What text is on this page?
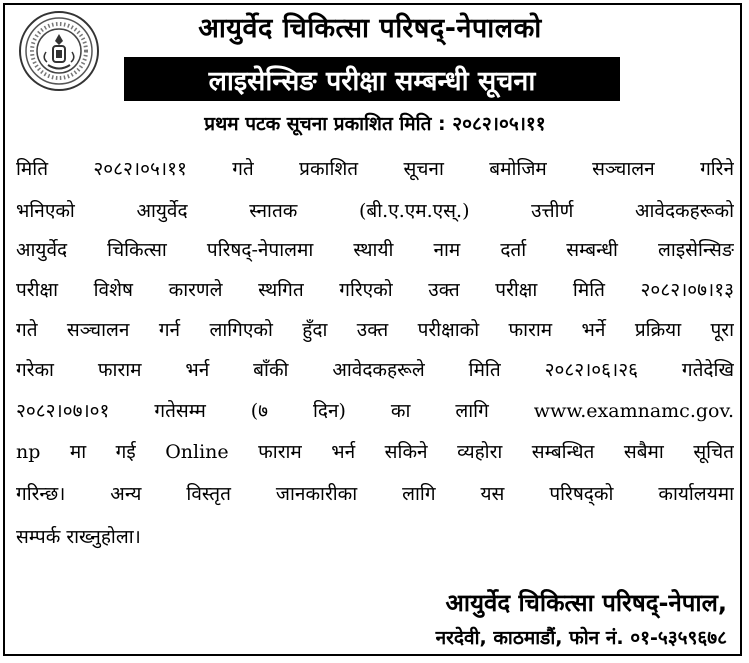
आयुर्वेद चिकित्सा परिषद्-नेपालको
लाइसेन्सिङ परीक्षा सम्बन्धी सूचना
प्रथम पटक सूचना प्रकाशित मिति : २०८२।०५।११
मिति २०८२।०५।११ गते प्रकाशित सूचना बमोजिम सञ्चालन गरिने
भनिएको आयुर्वेद स्नातक (बी.ए.एम.एस्.) उत्तीर्ण आवेदकहरूको
आयुर्वेद चिकित्सा परिषद्-नेपालमा स्थायी नाम दर्ता सम्बन्धी लाइसेन्सिङ
परीक्षा विशेष कारणले स्थगित गरिएको उक्त परीक्षा मिति २०८२।०७।१३
गते सञ्चालन गर्न लागिएको हुँदा उक्त परीक्षाको फाराम भर्ने प्रक्रिया पूरा
गरेका फाराम भर्न बाँकी आवेदकहरूले मिति २०८२।०६।२६ गतेदेखि
२०८२।०७।०१ गतेसम्म (७ दिन) का लागि www.examnamc.gov.
np मा गई Online फाराम भर्न सकिने व्यहोरा सम्बन्धित सबैमा सूचित
गरिन्छ। अन्य विस्तृत जानकारीका लागि यस परिषद्को कार्यालयमा
सम्पर्क राख्नुहोला।
आयुर्वेद चिकित्सा परिषद्-नेपाल,
नरदेवी, काठमाडौं, फोन नं. ०१-५३५९६७८
